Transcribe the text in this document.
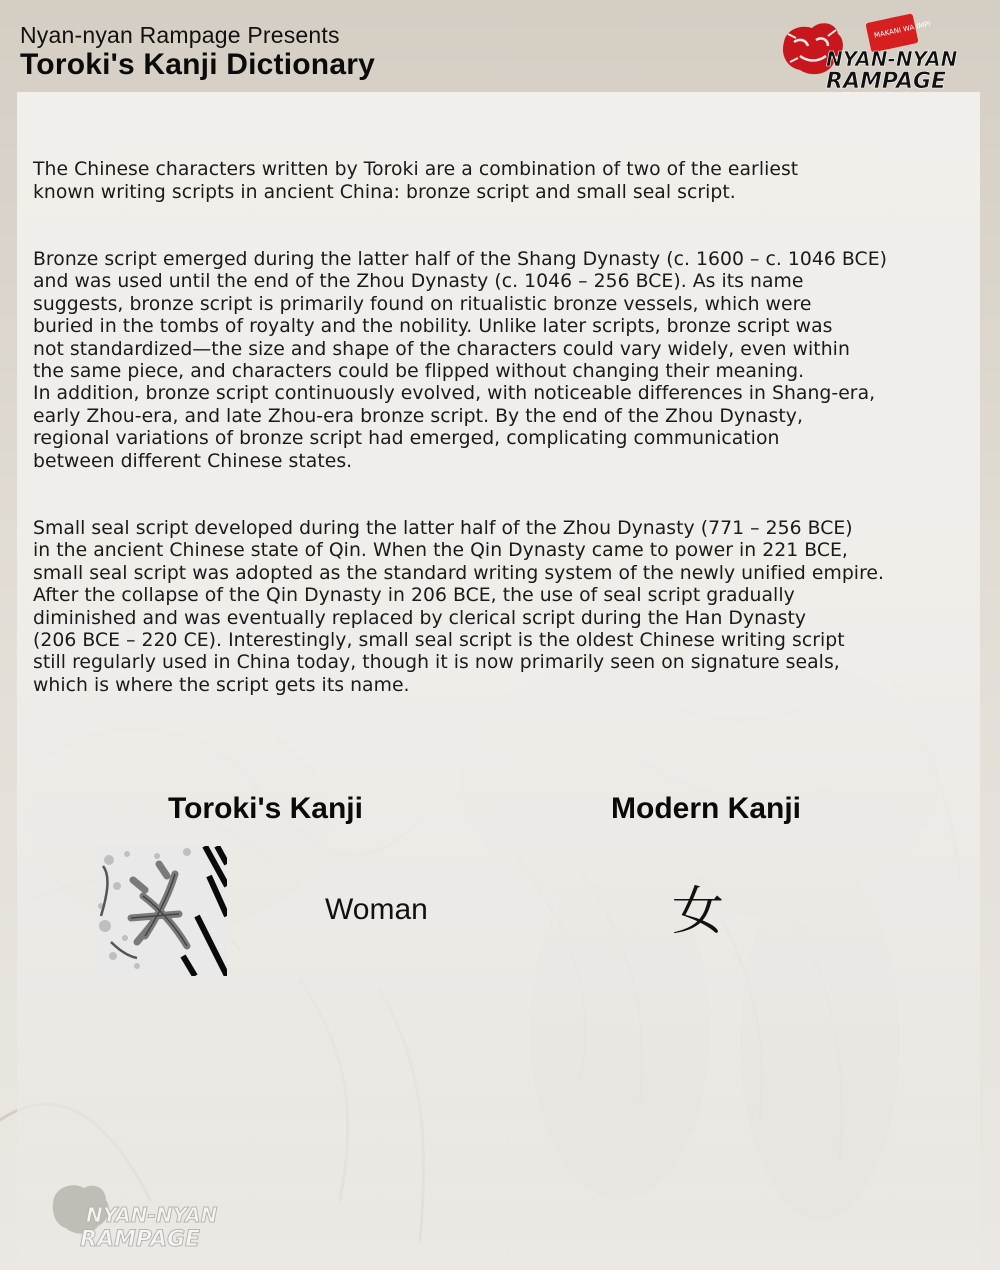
Nyan-nyan Rampage Presents
Toroki's Kanji Dictionary
MAKANI WA IMPI
NYAN-NYAN
RAMPAGE

The Chinese characters written by Toroki are a combination of two of the earliest
known writing scripts in ancient China: bronze script and small seal script.

Bronze script emerged during the latter half of the Shang Dynasty (c. 1600 – c. 1046 BCE)
and was used until the end of the Zhou Dynasty (c. 1046 – 256 BCE). As its name
suggests, bronze script is primarily found on ritualistic bronze vessels, which were
buried in the tombs of royalty and the nobility. Unlike later scripts, bronze script was
not standardized—the size and shape of the characters could vary widely, even within
the same piece, and characters could be flipped without changing their meaning.
In addition, bronze script continuously evolved, with noticeable differences in Shang-era,
early Zhou-era, and late Zhou-era bronze script. By the end of the Zhou Dynasty,
regional variations of bronze script had emerged, complicating communication
between different Chinese states.

Small seal script developed during the latter half of the Zhou Dynasty (771 – 256 BCE)
in the ancient Chinese state of Qin. When the Qin Dynasty came to power in 221 BCE,
small seal script was adopted as the standard writing system of the newly unified empire.
After the collapse of the Qin Dynasty in 206 BCE, the use of seal script gradually
diminished and was eventually replaced by clerical script during the Han Dynasty
(206 BCE – 220 CE). Interestingly, small seal script is the oldest Chinese writing script
still regularly used in China today, though it is now primarily seen on signature seals,
which is where the script gets its name.

Toroki's Kanji	Modern Kanji
Woman	女
NYAN-NYAN
RAMPAGE
